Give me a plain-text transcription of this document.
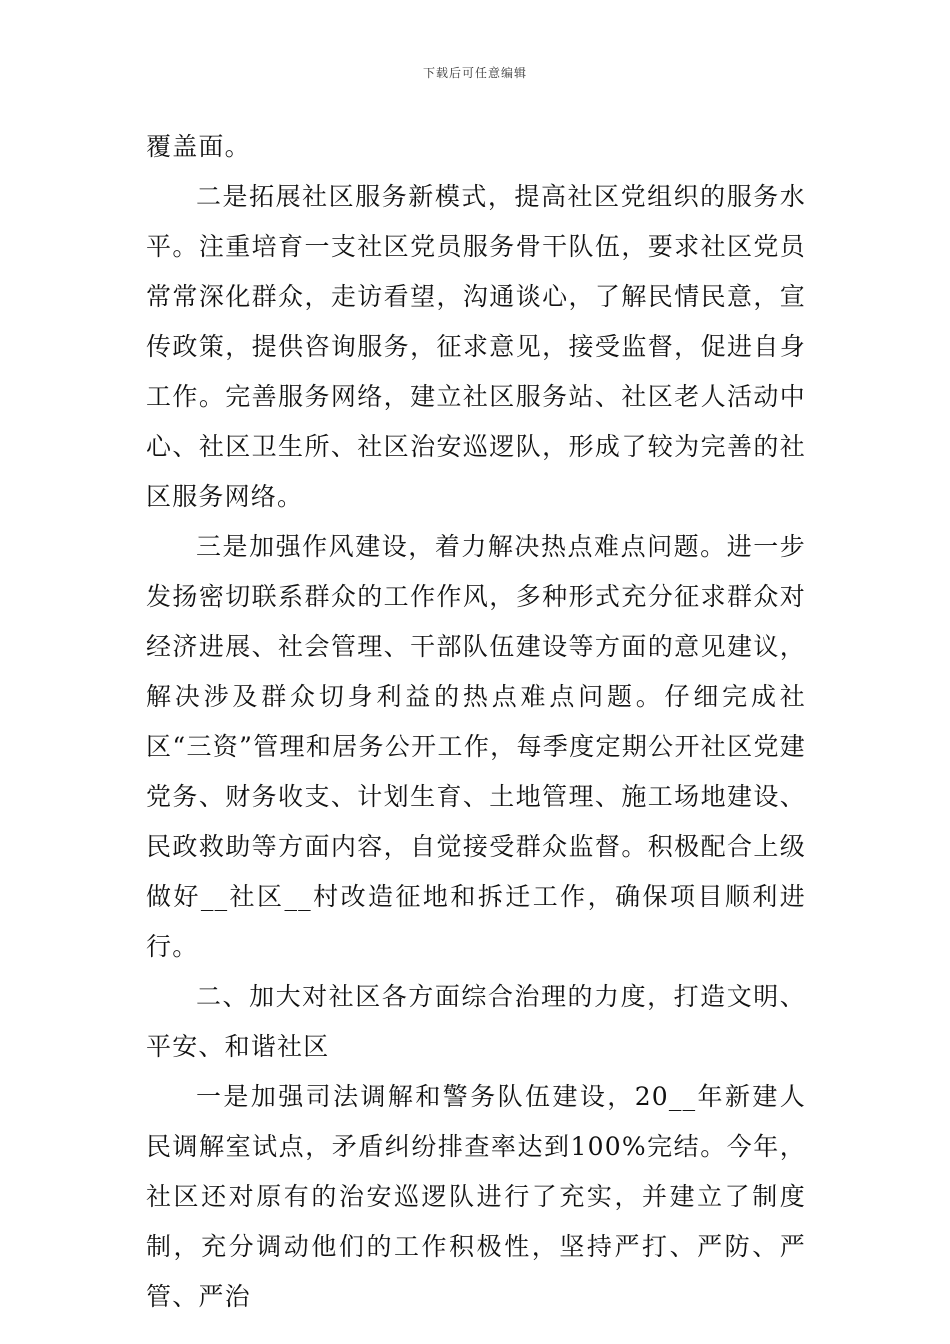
下载后可任意编辑

覆盖面。

二是拓展社区服务新模式，提高社区党组织的服务水平。注重培育一支社区党员服务骨干队伍，要求社区党员常常深化群众，走访看望，沟通谈心，了解民情民意，宣传政策，提供咨询服务，征求意见，接受监督，促进自身工作。完善服务网络，建立社区服务站、社区老人活动中心、社区卫生所、社区治安巡逻队，形成了较为完善的社区服务网络。

三是加强作风建设，着力解决热点难点问题。进一步发扬密切联系群众的工作作风，多种形式充分征求群众对经济进展、社会管理、干部队伍建设等方面的意见建议，解决涉及群众切身利益的热点难点问题。仔细完成社区“三资”管理和居务公开工作，每季度定期公开社区党建党务、财务收支、计划生育、土地管理、施工场地建设、民政救助等方面内容，自觉接受群众监督。积极配合上级做好__社区__村改造征地和拆迁工作，确保项目顺利进行。

二、加大对社区各方面综合治理的力度，打造文明、平安、和谐社区

一是加强司法调解和警务队伍建设，20__年新建人民调解室试点，矛盾纠纷排查率达到100%完结。今年，社区还对原有的治安巡逻队进行了充实，并建立了制度制，充分调动他们的工作积极性，坚持严打、严防、严管、严治
